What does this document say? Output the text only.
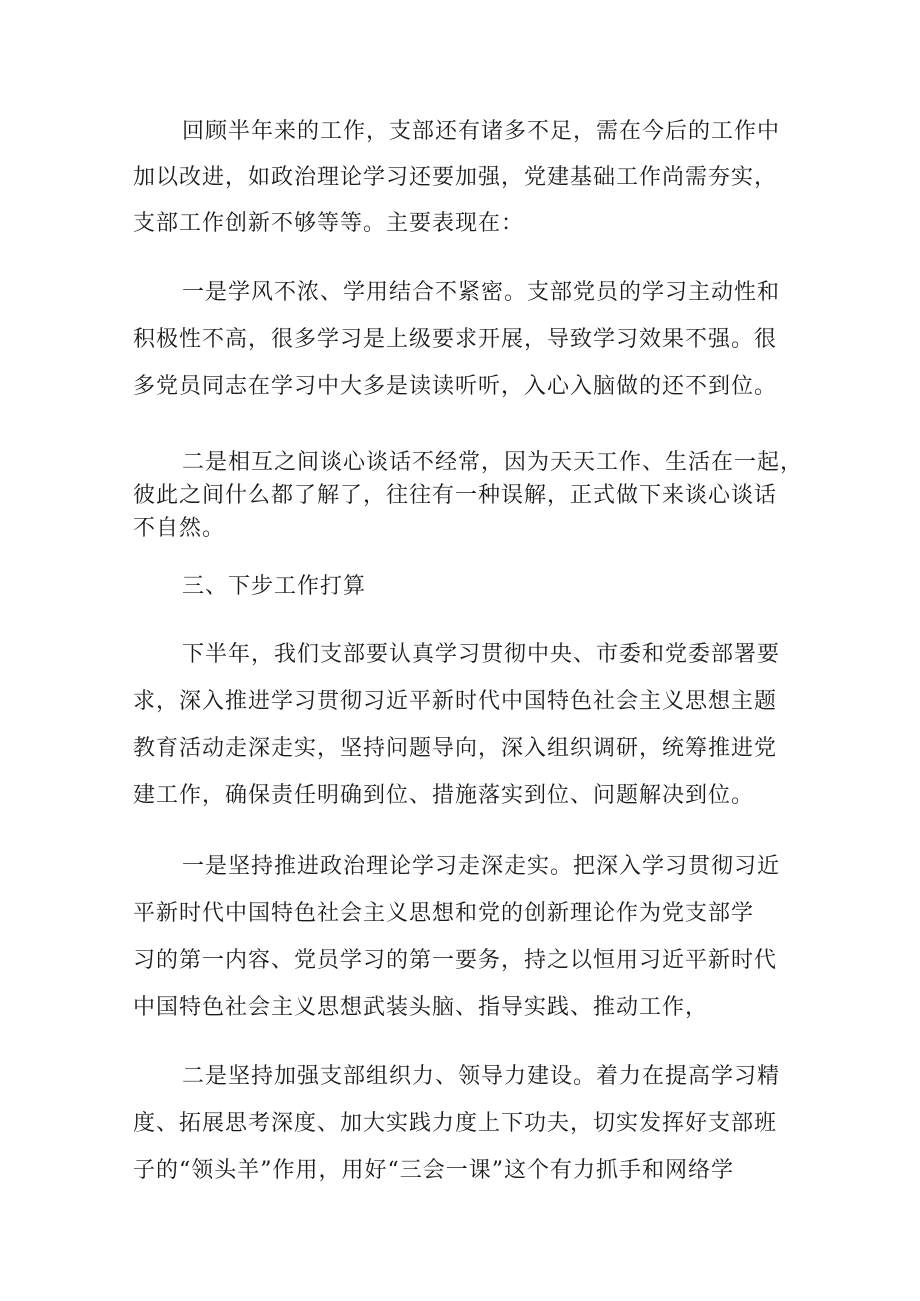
回顾半年来的工作，支部还有诸多不足，需在今后的工作中
加以改进，如政治理论学习还要加强，党建基础工作尚需夯实，
支部工作创新不够等等。主要表现在：
一是学风不浓、学用结合不紧密。支部党员的学习主动性和
积极性不高，很多学习是上级要求开展，导致学习效果不强。很
多党员同志在学习中大多是读读听听，入心入脑做的还不到位。
二是相互之间谈心谈话不经常，因为天天工作、生活在一起，
彼此之间什么都了解了，往往有一种误解，正式做下来谈心谈话
不自然。
三、下步工作打算
下半年，我们支部要认真学习贯彻中央、市委和党委部署要
求，深入推进学习贯彻习近平新时代中国特色社会主义思想主题
教育活动走深走实，坚持问题导向，深入组织调研，统筹推进党
建工作，确保责任明确到位、措施落实到位、问题解决到位。
一是坚持推进政治理论学习走深走实。把深入学习贯彻习近
平新时代中国特色社会主义思想和党的创新理论作为党支部学
习的第一内容、党员学习的第一要务，持之以恒用习近平新时代
中国特色社会主义思想武装头脑、指导实践、推动工作，
二是坚持加强支部组织力、领导力建设。着力在提高学习精
度、拓展思考深度、加大实践力度上下功夫，切实发挥好支部班
子的“领头羊”作用，用好“三会一课”这个有力抓手和网络学
